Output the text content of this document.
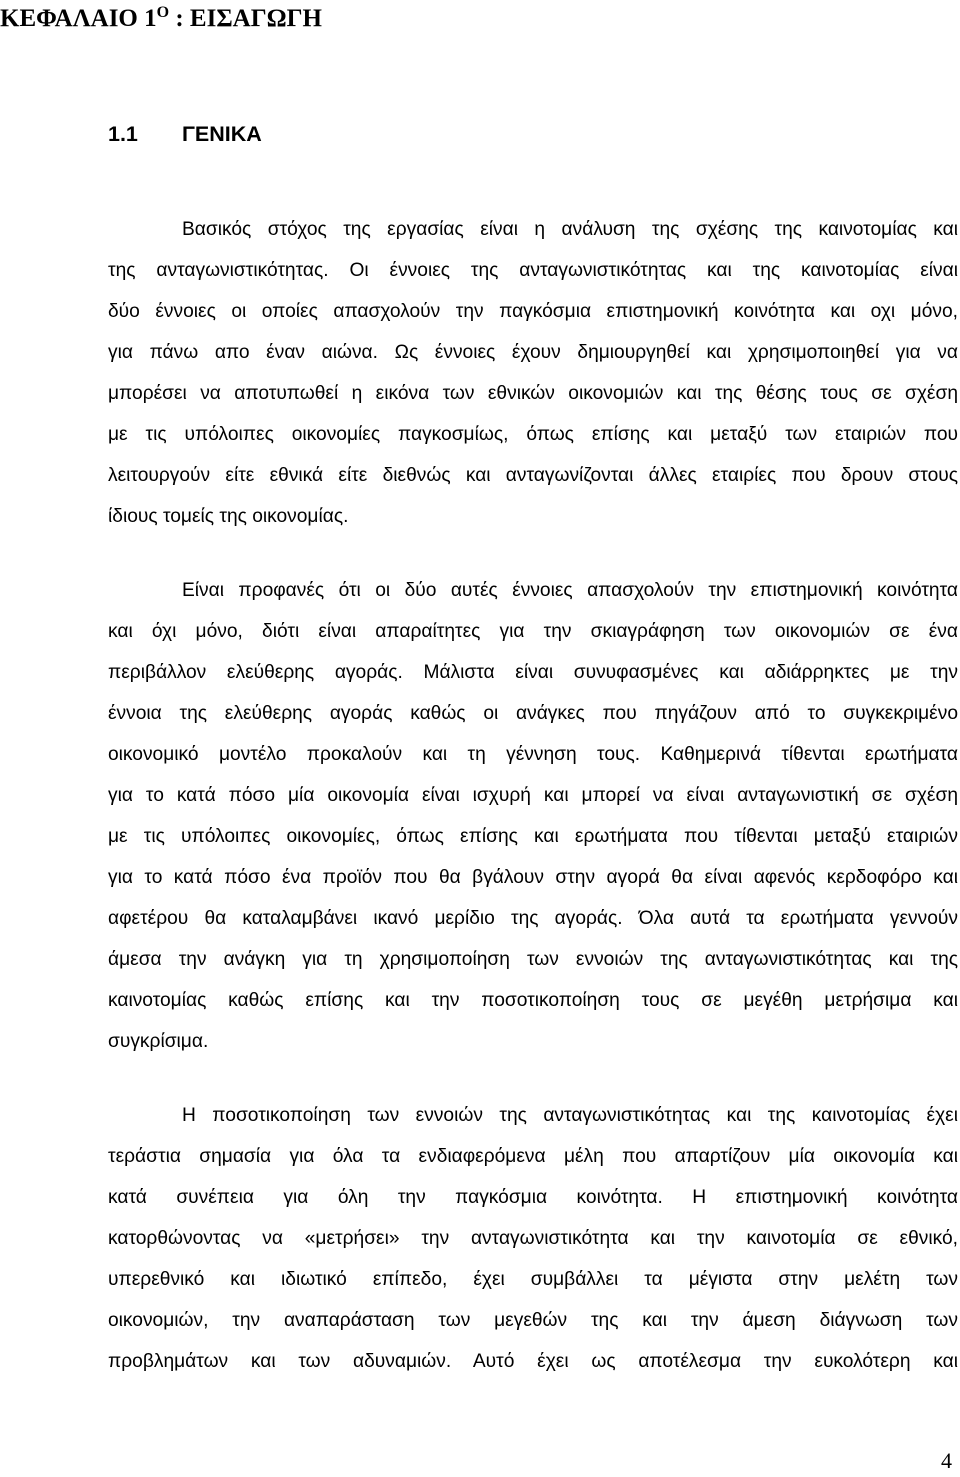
ΚΕΦΑΛΑΙΟ $1^O$ : ΕΙΣΑΓΩΓΗ
1.1 ΓΕΝΙΚΑ
Βασικός στόχος της εργασίας είναι η ανάλυση της σχέσης της καινοτομίας και
της ανταγωνιστικότητας. Οι έννοιες της ανταγωνιστικότητας και της καινοτομίας είναι
δύο έννοιες οι οποίες απασχολούν την παγκόσμια επιστημονική κοινότητα και οχι μόνο,
για πάνω απο έναν αιώνα. Ως έννοιες έχουν δημιουργηθεί και χρησιμοποιηθεί για να
μπορέσει να αποτυπωθεί η εικόνα των εθνικών οικονομιών και της θέσης τους σε σχέση
με τις υπόλοιπες οικονομίες παγκοσμίως, όπως επίσης και μεταξύ των εταιριών που
λειτουργούν είτε εθνικά είτε διεθνώς και ανταγωνίζονται άλλες εταιρίες που δρουν στους
ίδιους τομείς της οικονομίας.
Είναι προφανές ότι οι δύο αυτές έννοιες απασχολούν την επιστημονική κοινότητα
και όχι μόνο, διότι είναι απαραίτητες για την σκιαγράφηση των οικονομιών σε ένα
περιβάλλον ελεύθερης αγοράς. Μάλιστα είναι συνυφασμένες και αδιάρρηκτες με την
έννοια της ελεύθερης αγοράς καθώς οι ανάγκες που πηγάζουν από το συγκεκριμένο
οικονομικό μοντέλο προκαλούν και τη γέννηση τους. Καθημερινά τίθενται ερωτήματα
για το κατά πόσο μία οικονομία είναι ισχυρή και μπορεί να είναι ανταγωνιστική σε σχέση
με τις υπόλοιπες οικονομίες, όπως επίσης και ερωτήματα που τίθενται μεταξύ εταιριών
για το κατά πόσο ένα προϊόν που θα βγάλουν στην αγορά θα είναι αφενός κερδοφόρο και
αφετέρου θα καταλαμβάνει ικανό μερίδιο της αγοράς. Όλα αυτά τα ερωτήματα γεννούν
άμεσα την ανάγκη για τη χρησιμοποίηση των εννοιών της ανταγωνιστικότητας και της
καινοτομίας καθώς επίσης και την ποσοτικοποίηση τους σε μεγέθη μετρήσιμα και
συγκρίσιμα.
Η ποσοτικοποίηση των εννοιών της ανταγωνιστικότητας και της καινοτομίας έχει
τεράστια σημασία για όλα τα ενδιαφερόμενα μέλη που απαρτίζουν μία οικονομία και
κατά συνέπεια για όλη την παγκόσμια κοινότητα. Η επιστημονική κοινότητα
κατορθώνοντας να «μετρήσει» την ανταγωνιστικότητα και την καινοτομία σε εθνικό,
υπερεθνικό και ιδιωτικό επίπεδο, έχει συμβάλλει τα μέγιστα στην μελέτη των
οικονομιών, την αναπαράσταση των μεγεθών της και την άμεση διάγνωση των
προβλημάτων και των αδυναμιών. Αυτό έχει ως αποτέλεσμα την ευκολότερη και
4
